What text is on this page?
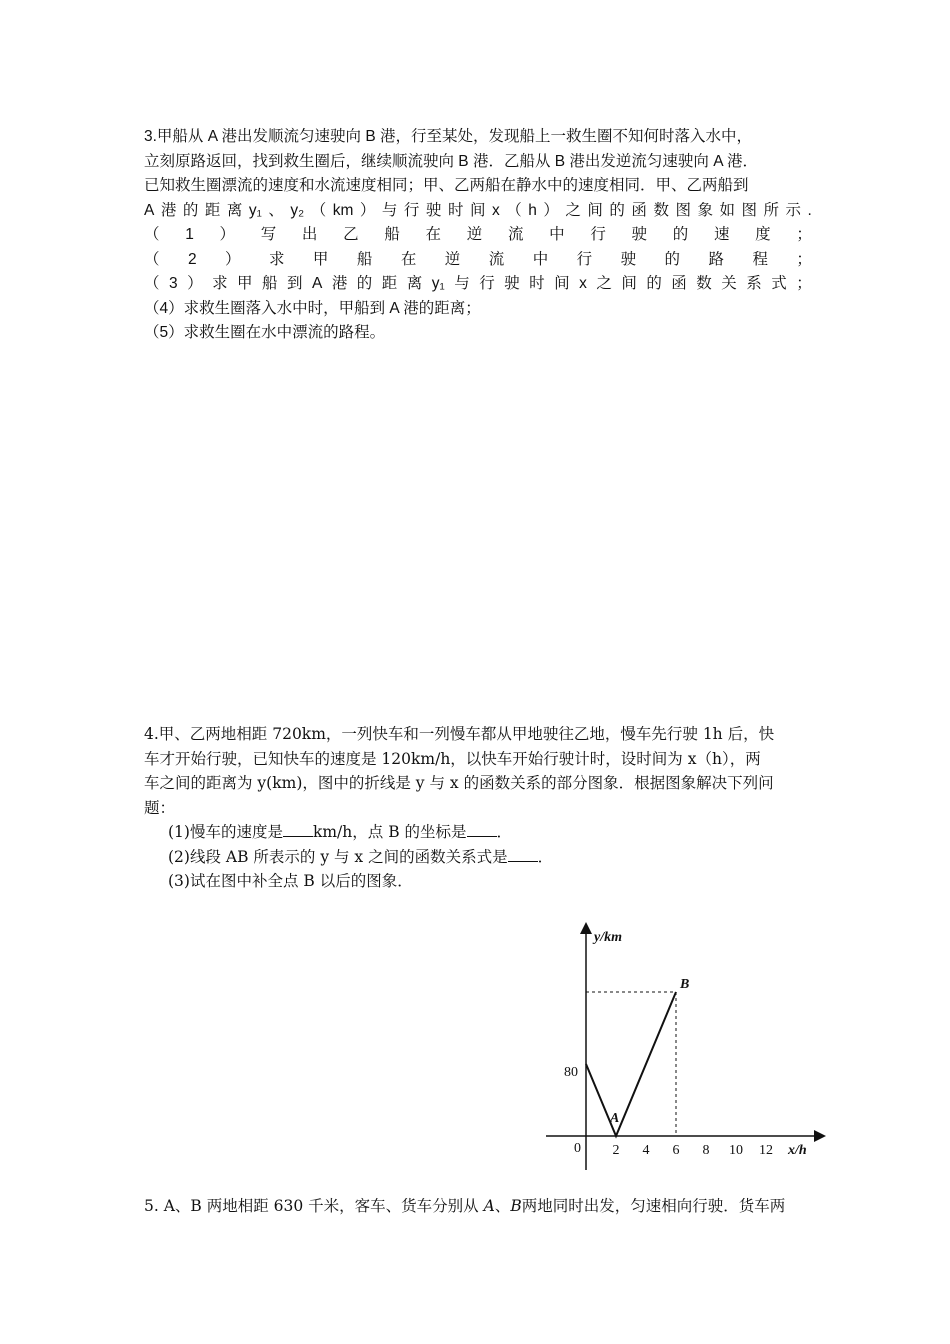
3.甲船从 A 港出发顺流匀速驶向 B 港，行至某处，发现船上一救生圈不知何时落入水中，
立刻原路返回，找到救生圈后，继续顺流驶向 B 港．乙船从 B 港出发逆流匀速驶向 A 港．
已知救生圈漂流的速度和水流速度相同；甲、乙两船在静水中的速度相同．甲、乙两船到
A 港 的 距 离 y₁ 、 y₂ （ km ） 与 行 驶 时 间 x （ h ） 之 间 的 函 数 图 象 如 图 所 示 .
（ 1 ） 写 出 乙 船 在 逆 流 中 行 驶 的 速 度 ；
（ 2 ） 求 甲 船 在 逆 流 中 行 驶 的 路 程 ；
（ 3 ） 求 甲 船 到 A 港 的 距 离 y₁ 与 行 驶 时 间 x 之 间 的 函 数 关 系 式 ；
（4）求救生圈落入水中时，甲船到 A 港的距离；
（5）求救生圈在水中漂流的路程。
4.甲、乙两地相距 720km，一列快车和一列慢车都从甲地驶往乙地，慢车先行驶 1h 后，快
车才开始行驶，已知快车的速度是 120km/h，以快车开始行驶计时，设时间为 x（h），两
车之间的距离为 y(km)，图中的折线是 y 与 x 的函数关系的部分图象．根据图象解决下列问
题：
(1)慢车的速度是 km/h，点 B 的坐标是 ．
(2)线段 AB 所表示的 y 与 x 之间的函数关系式是 ．
(3)试在图中补全点 B 以后的图象．
y/km
x/h
0
80
2 4 6 8 10 12
A
B
5. A、B 两地相距 630 千米，客车、货车分别从 A、B两地同时出发，匀速相向行驶．货车两
